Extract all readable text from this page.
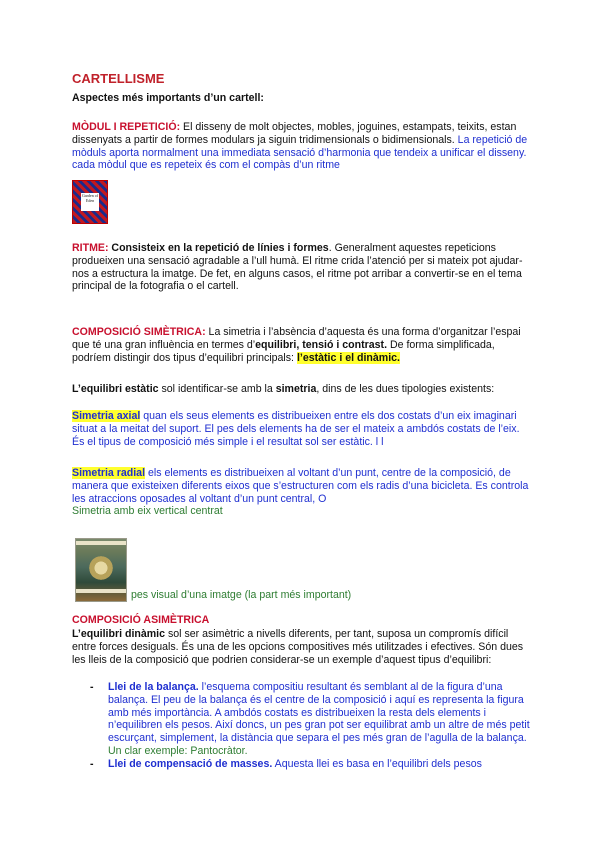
CARTELLISME
Aspectes més importants d’un cartell:
MÒDUL I REPETICIÓ: El disseny de molt objectes, mobles, joguines, estampats, teixits, estan dissenyats a partir de formes modulars ja siguin tridimensionals o bidimensionals. La repetició de mòduls aporta normalment una immediata sensació d’harmonia que tendeix a unificar el disseny. cada mòdul que es repeteix és com el compàs d’un ritme
Garden of Eden
RITME: Consisteix en la repetició de línies i formes. Generalment aquestes repeticions produeixen una sensació agradable a l’ull humà. El ritme crida l’atenció per si mateix pot ajudar-nos a estructura la imatge. De fet, en alguns casos, el ritme pot arribar a convertir-se en el tema principal de la fotografia o el cartell.
COMPOSICIÓ SIMÈTRICA: La simetria i l’absència d’aquesta és una forma d’organitzar l’espai que té una gran influència en termes d’equilibri, tensió i contrast. De forma simplificada, podríem distingir dos tipus d’equilibri principals: l’estàtic i el dinàmic.
L’equilibri estàtic sol identificar-se amb la simetria, dins de les dues tipologies existents:
Simetria axial quan els seus elements es distribueixen entre els dos costats d’un eix imaginari situat a la meitat del suport. El pes dels elements ha de ser el mateix a ambdós costats de l’eix. És el tipus de composició més simple i el resultat sol ser estàtic. l l
Simetria radial els elements es distribueixen al voltant d’un punt, centre de la composició, de manera que existeixen diferents eixos que s’estructuren com els radis d’una bicicleta. Es controla les atraccions oposades al voltant d’un punt central, O
Simetria amb eix vertical centrat
pes visual d’una imatge (la part més important)
COMPOSICIÓ ASIMÈTRICA
L’equilibri dinàmic sol ser asimètric a nivells diferents, per tant, suposa un compromís difícil entre forces desiguals. És una de les opcions compositives més utilitzades i efectives. Són dues les lleis de la composició que podrien considerar-se un exemple d’aquest tipus d’equilibri:
- Llei de la balança. l’esquema compositiu resultant és semblant al de la figura d’una balança. El peu de la balança és el centre de la composició i aquí es representa la figura amb més importància. A ambdós costats es distribueixen la resta dels elements i n’equilibren els pesos. Així doncs, un pes gran pot ser equilibrat amb un altre de més petit escurçant, simplement, la distància que separa el pes més gran de l’agulla de la balança. Un clar exemple: Pantocràtor.
- Llei de compensació de masses. Aquesta llei es basa en l’equilibri dels pesos
